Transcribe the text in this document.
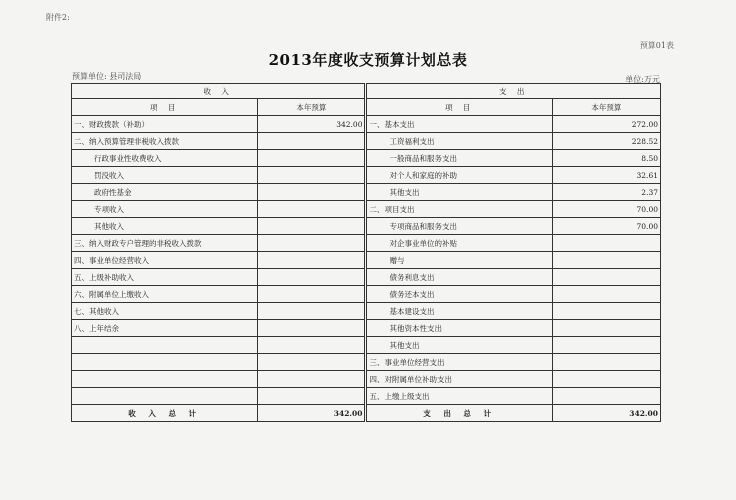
附件2:
预算01表
2013年度收支预算计划总表
预算单位: 县司法局	单位:万元
收 入		支 出	
项 目	本年预算	项 目	本年预算
一、财政拨款（补助）	342.00	一、基本支出	272.00
二、纳入预算管理非税收入拨款		工资福利支出	228.52
行政事业性收费收入		一般商品和服务支出	8.50
罚没收入		对个人和家庭的补助	32.61
政府性基金		其他支出	2.37
专项收入		二、项目支出	70.00
其他收入		专项商品和服务支出	70.00
三、纳入财政专户管理的非税收入拨款		对企事业单位的补贴	
四、事业单位经营收入		赠与	
五、上级补助收入		债务利息支出	
六、附属单位上缴收入		债务还本支出	
七、其他收入		基本建设支出	
八、上年结余		其他资本性支出	
		其他支出	
		三、事业单位经营支出	
		四、对附属单位补助支出	
		五、上缴上级支出	
收 入 总 计	342.00	支 出 总 计	342.00
